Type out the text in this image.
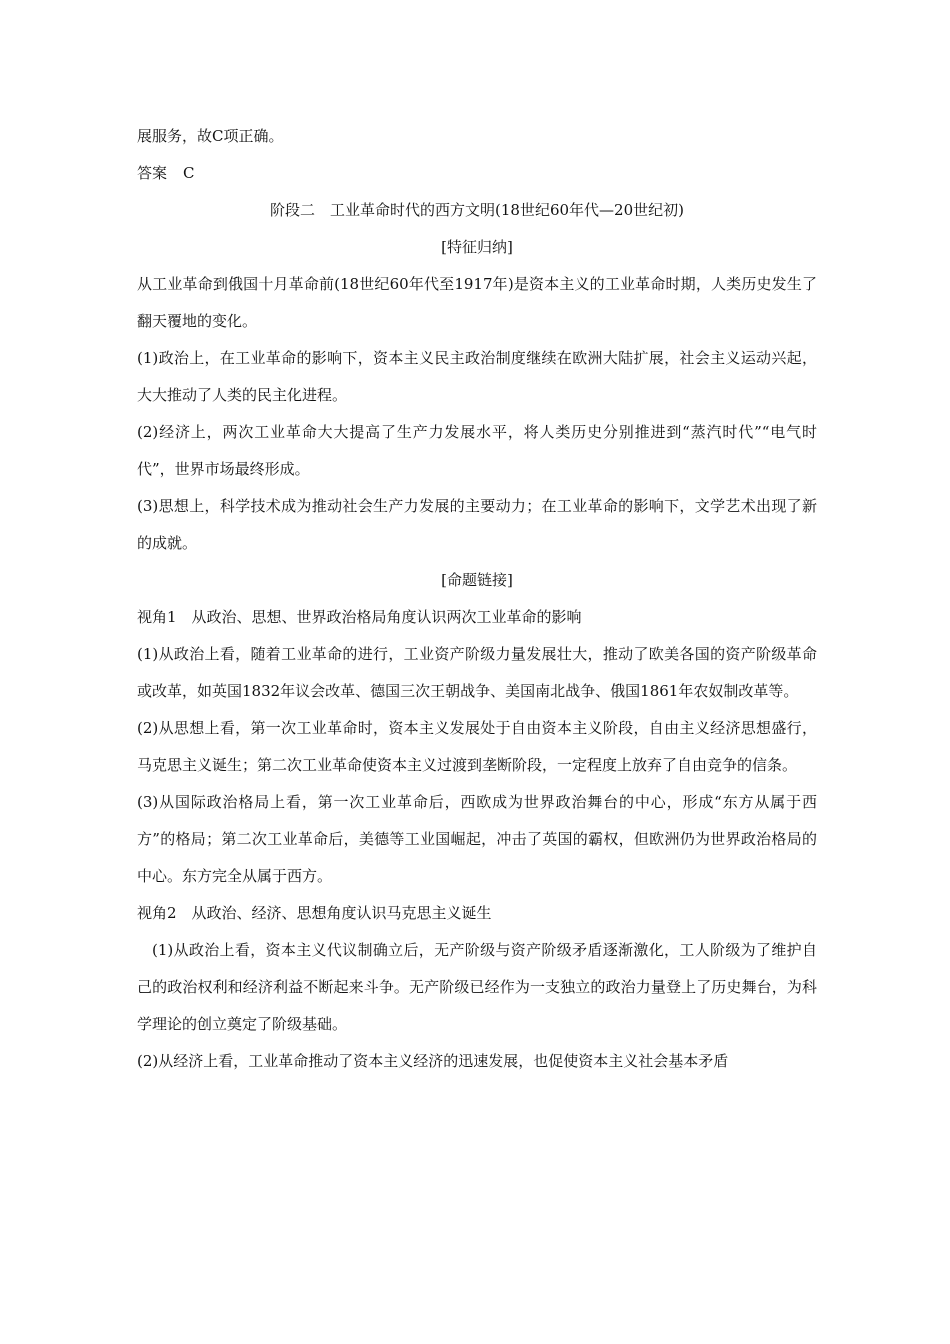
展服务，故C项正确。

答案 C

阶段二　工业革命时代的西方文明(18世纪60年代—20世纪初)

[特征归纳]

从工业革命到俄国十月革命前(18世纪60年代至1917年)是资本主义的工业革命时期，人类历史发生了翻天覆地的变化。

(1)政治上，在工业革命的影响下，资本主义民主政治制度继续在欧洲大陆扩展，社会主义运动兴起，大大推动了人类的民主化进程。

(2)经济上，两次工业革命大大提高了生产力发展水平，将人类历史分别推进到“蒸汽时代”“电气时代”，世界市场最终形成。

(3)思想上，科学技术成为推动社会生产力发展的主要动力；在工业革命的影响下，文学艺术出现了新的成就。

[命题链接]

视角1　从政治、思想、世界政治格局角度认识两次工业革命的影响

(1)从政治上看，随着工业革命的进行，工业资产阶级力量发展壮大，推动了欧美各国的资产阶级革命或改革，如英国1832年议会改革、德国三次王朝战争、美国南北战争、俄国1861年农奴制改革等。

(2)从思想上看，第一次工业革命时，资本主义发展处于自由资本主义阶段，自由主义经济思想盛行，马克思主义诞生；第二次工业革命使资本主义过渡到垄断阶段，一定程度上放弃了自由竞争的信条。

(3)从国际政治格局上看，第一次工业革命后，西欧成为世界政治舞台的中心，形成“东方从属于西方”的格局；第二次工业革命后，美德等工业国崛起，冲击了英国的霸权，但欧洲仍为世界政治格局的中心。东方完全从属于西方。

视角2　从政治、经济、思想角度认识马克思主义诞生

(1)从政治上看，资本主义代议制确立后，无产阶级与资产阶级矛盾逐渐激化，工人阶级为了维护自己的政治权利和经济利益不断起来斗争。无产阶级已经作为一支独立的政治力量登上了历史舞台，为科学理论的创立奠定了阶级基础。

(2)从经济上看，工业革命推动了资本主义经济的迅速发展，也促使资本主义社会基本矛盾
